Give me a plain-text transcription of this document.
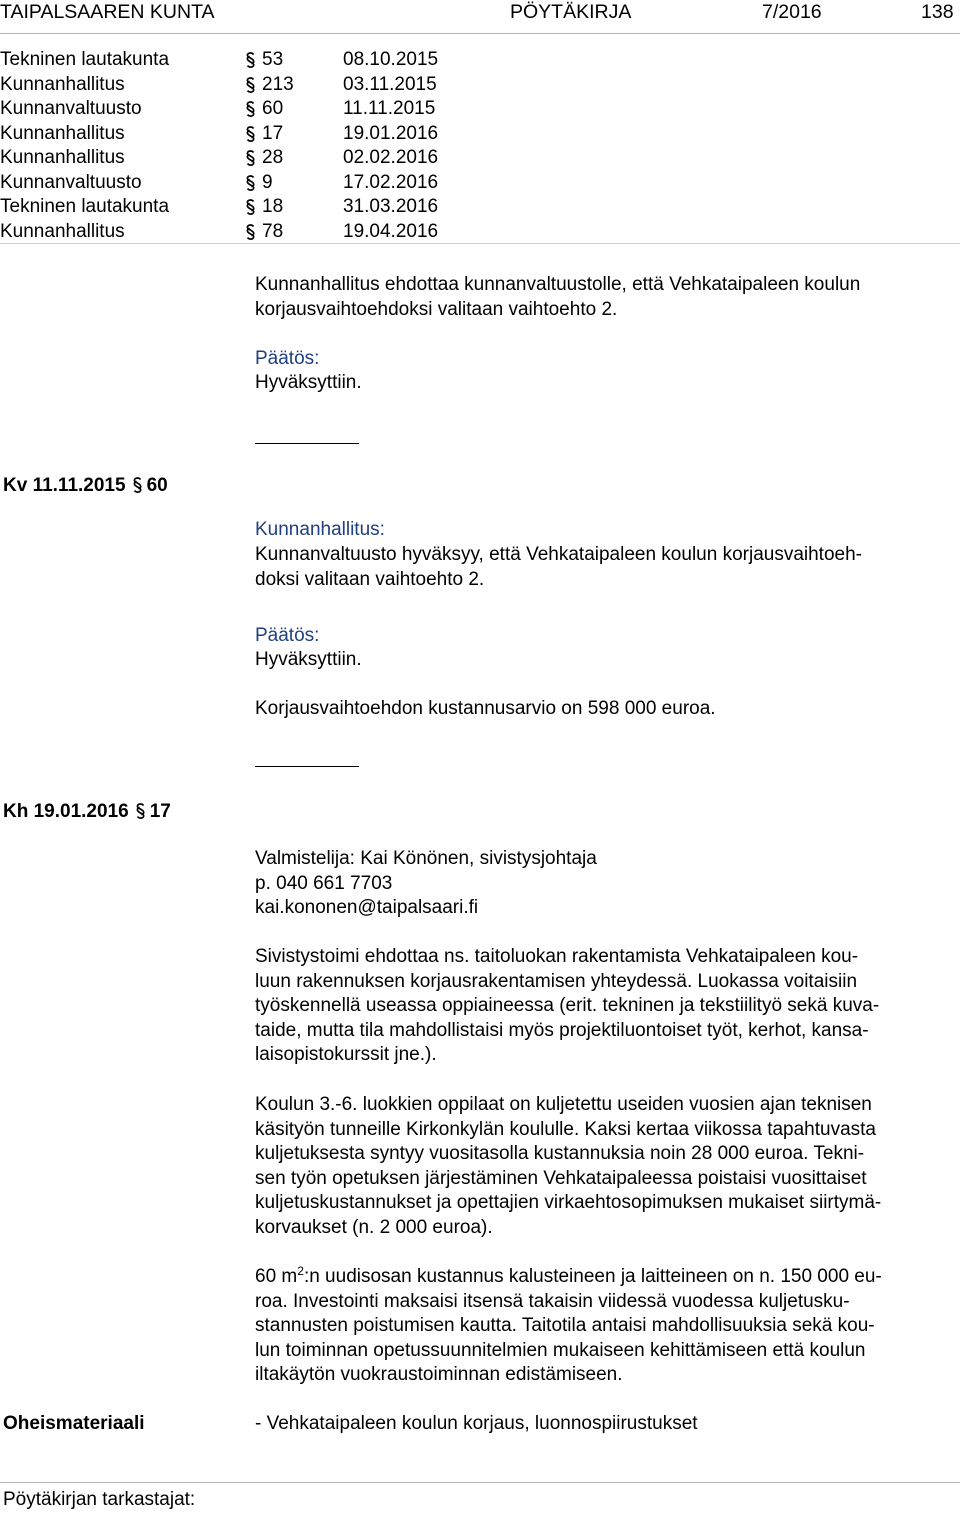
TAIPALSAAREN KUNTA	PÖYTÄKIRJA	7/2016	138
Tekninen lautakunta	53	08.10.2015
Kunnanhallitus	213	03.11.2015
Kunnanvaltuusto	60	11.11.2015
Kunnanhallitus	17	19.01.2016
Kunnanhallitus	28	02.02.2016
Kunnanvaltuusto	9	17.02.2016
Tekninen lautakunta	18	31.03.2016
Kunnanhallitus	78	19.04.2016

Kunnanhallitus ehdottaa kunnanvaltuustolle, että Vehkataipaleen koulun

korjausvaihtoehdoksi valitaan vaihtoehto 2.

Päätös:
Hyväksyttiin.
Kv 11.11.2015 60
Kunnanhallitus:

Kunnanvaltuusto hyväksyy, että Vehkataipaleen koulun korjausvaihtoeh-

doksi valitaan vaihtoehto 2.

Päätös:
Hyväksyttiin.
Korjausvaihtoehdon kustannusarvio on 598 000 euroa.
Kh 19.01.2016 17

Valmistelija: Kai Könönen, sivistysjohtaja

p. 040 661 7703

kai.kononen@taipalsaari.fi

Sivistystoimi ehdottaa ns. taitoluokan rakentamista Vehkataipaleen kou-

luun rakennuksen korjausrakentamisen yhteydessä. Luokassa voitaisiin

työskennellä useassa oppiaineessa (erit. tekninen ja tekstiilityö sekä kuva-

taide, mutta tila mahdollistaisi myös projektiluontoiset työt, kerhot, kansa-

laisopistokurssit jne.).

Koulun 3.-6. luokkien oppilaat on kuljetettu useiden vuosien ajan teknisen

käsityön tunneille Kirkonkylän koululle. Kaksi kertaa viikossa tapahtuvasta

kuljetuksesta syntyy vuositasolla kustannuksia noin 28 000 euroa. Tekni-

sen työn opetuksen järjestäminen Vehkataipaleessa poistaisi vuosittaiset

kuljetuskustannukset ja opettajien virkaehtosopimuksen mukaiset siirtymä-

korvaukset (n. 2 000 euroa).

60 $m^2:n$ uudisosan kustannus kalusteineen ja laitteineen on n. 150 000 eu-

roa. Investointi maksaisi itsensä takaisin viidessä vuodessa kuljetusku-

stannusten poistumisen kautta. Taitotila antaisi mahdollisuuksia sekä kou-

lun toiminnan opetussuunnitelmien mukaiseen kehittämiseen että koulun

iltakäytön vuokraustoiminnan edistämiseen.

Oheismateriaali	- Vehkataipaleen koulun korjaus, luonnospiirustukset
Pöytäkirjan tarkastajat:
